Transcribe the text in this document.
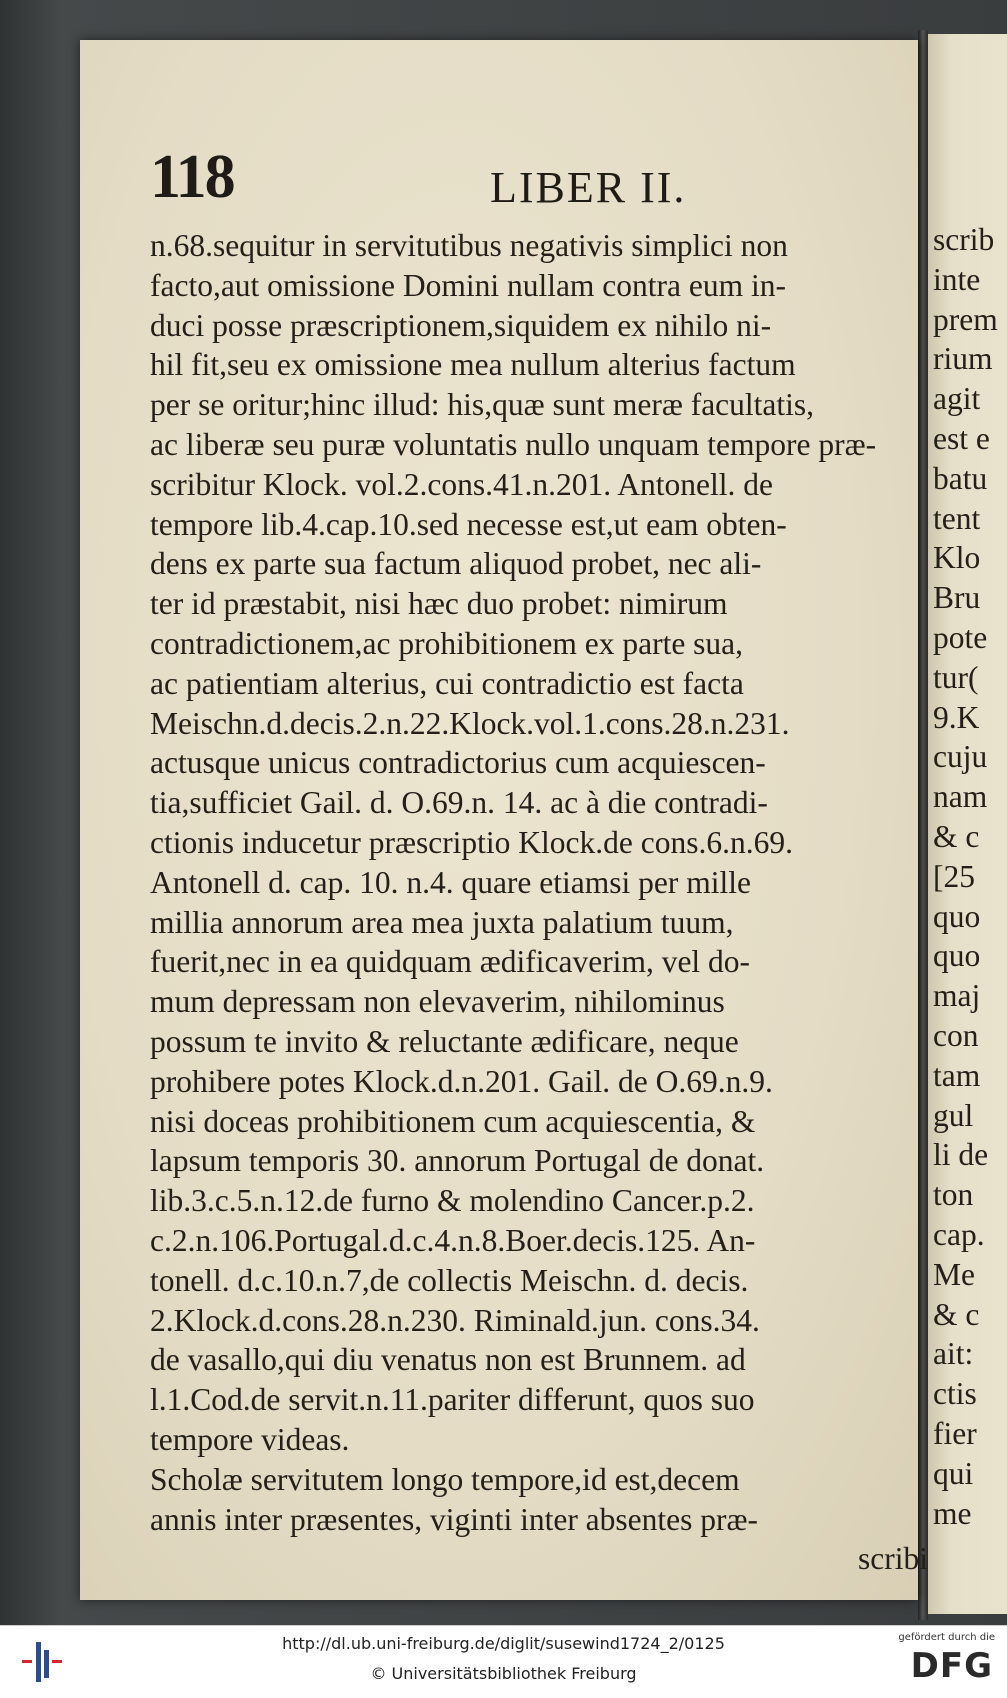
118	LIBER II.
n.68.sequitur in servitutibus negativis simplici non
facto,aut omissione Domini nullam contra eum in-
duci posse præscriptionem,siquidem ex nihilo ni-
hil fit,seu ex omissione mea nullum alterius factum
per se oritur;hinc illud: his,quæ sunt meræ facultatis,
ac liberæ seu puræ voluntatis nullo unquam tempore præ-
scribitur Klock. vol.2.cons.41.n.201. Antonell. de
tempore lib.4.cap.10.sed necesse est,ut eam obten-
dens ex parte sua factum aliquod probet, nec ali-
ter id præstabit, nisi hæc duo probet: nimirum
contradictionem,ac prohibitionem ex parte sua,
ac patientiam alterius, cui contradictio est facta
Meischn.d.decis.2.n.22.Klock.vol.1.cons.28.n.231.
actusque unicus contradictorius cum acquiescen-
tia,sufficiet Gail. d. O.69.n. 14. ac à die contradi-
ctionis inducetur præscriptio Klock.de cons.6.n.69.
Antonell d. cap. 10. n.4. quare etiamsi per mille
millia annorum area mea juxta palatium tuum,
fuerit,nec in ea quidquam ædificaverim, vel do-
mum depressam non elevaverim, nihilominus
possum te invito & reluctante ædificare, neque
prohibere potes Klock.d.n.201. Gail. de O.69.n.9.
nisi doceas prohibitionem cum acquiescentia, &
lapsum temporis 30. annorum Portugal de donat.
lib.3.c.5.n.12.de furno & molendino Cancer.p.2.
c.2.n.106.Portugal.d.c.4.n.8.Boer.decis.125. An-
tonell. d.c.10.n.7,de collectis Meischn. d. decis.
2.Klock.d.cons.28.n.230. Riminald.jun. cons.34.
de vasallo,qui diu venatus non est Brunnem. ad
l.1.Cod.de servit.n.11.pariter differunt, quos suo
tempore videas.
Scholæ servitutem longo tempore,id est,decem
annis inter præsentes, viginti inter absentes præ-
scribi
scrib
inte
prem
rium
agit
est e
batu
tent
Klo
Bru
pote
tur(
9.K
cuju
nam
& c
[25
quo
quo
maj
con
tam
gul
li de
ton
cap.
Me
& c
ait:
ctis
fier
qui
me
http://dl.ub.uni-freiburg.de/diglit/susewind1724_2/0125
© Universitätsbibliothek Freiburg
gefördert durch die
DFG
